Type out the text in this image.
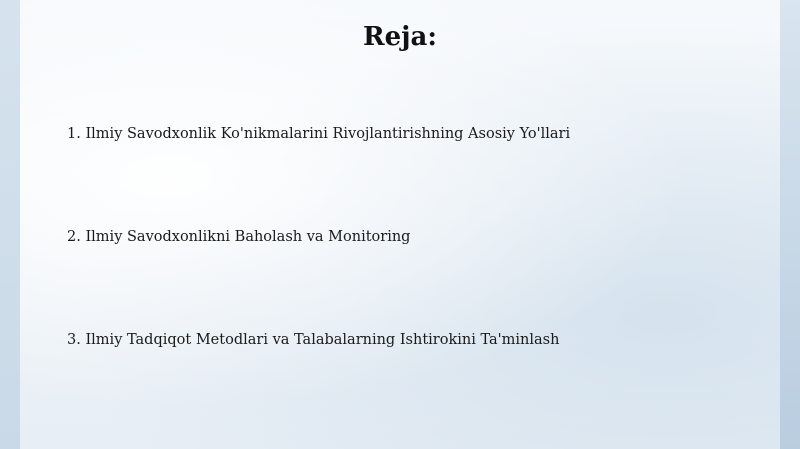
Reja:

1. Ilmiy Savodxonlik Ko'nikmalarini Rivojlantirishning Asosiy Yo'llari

2. Ilmiy Savodxonlikni Baholash va Monitoring

3. Ilmiy Tadqiqot Metodlari va Talabalarning Ishtirokini Ta'minlash
